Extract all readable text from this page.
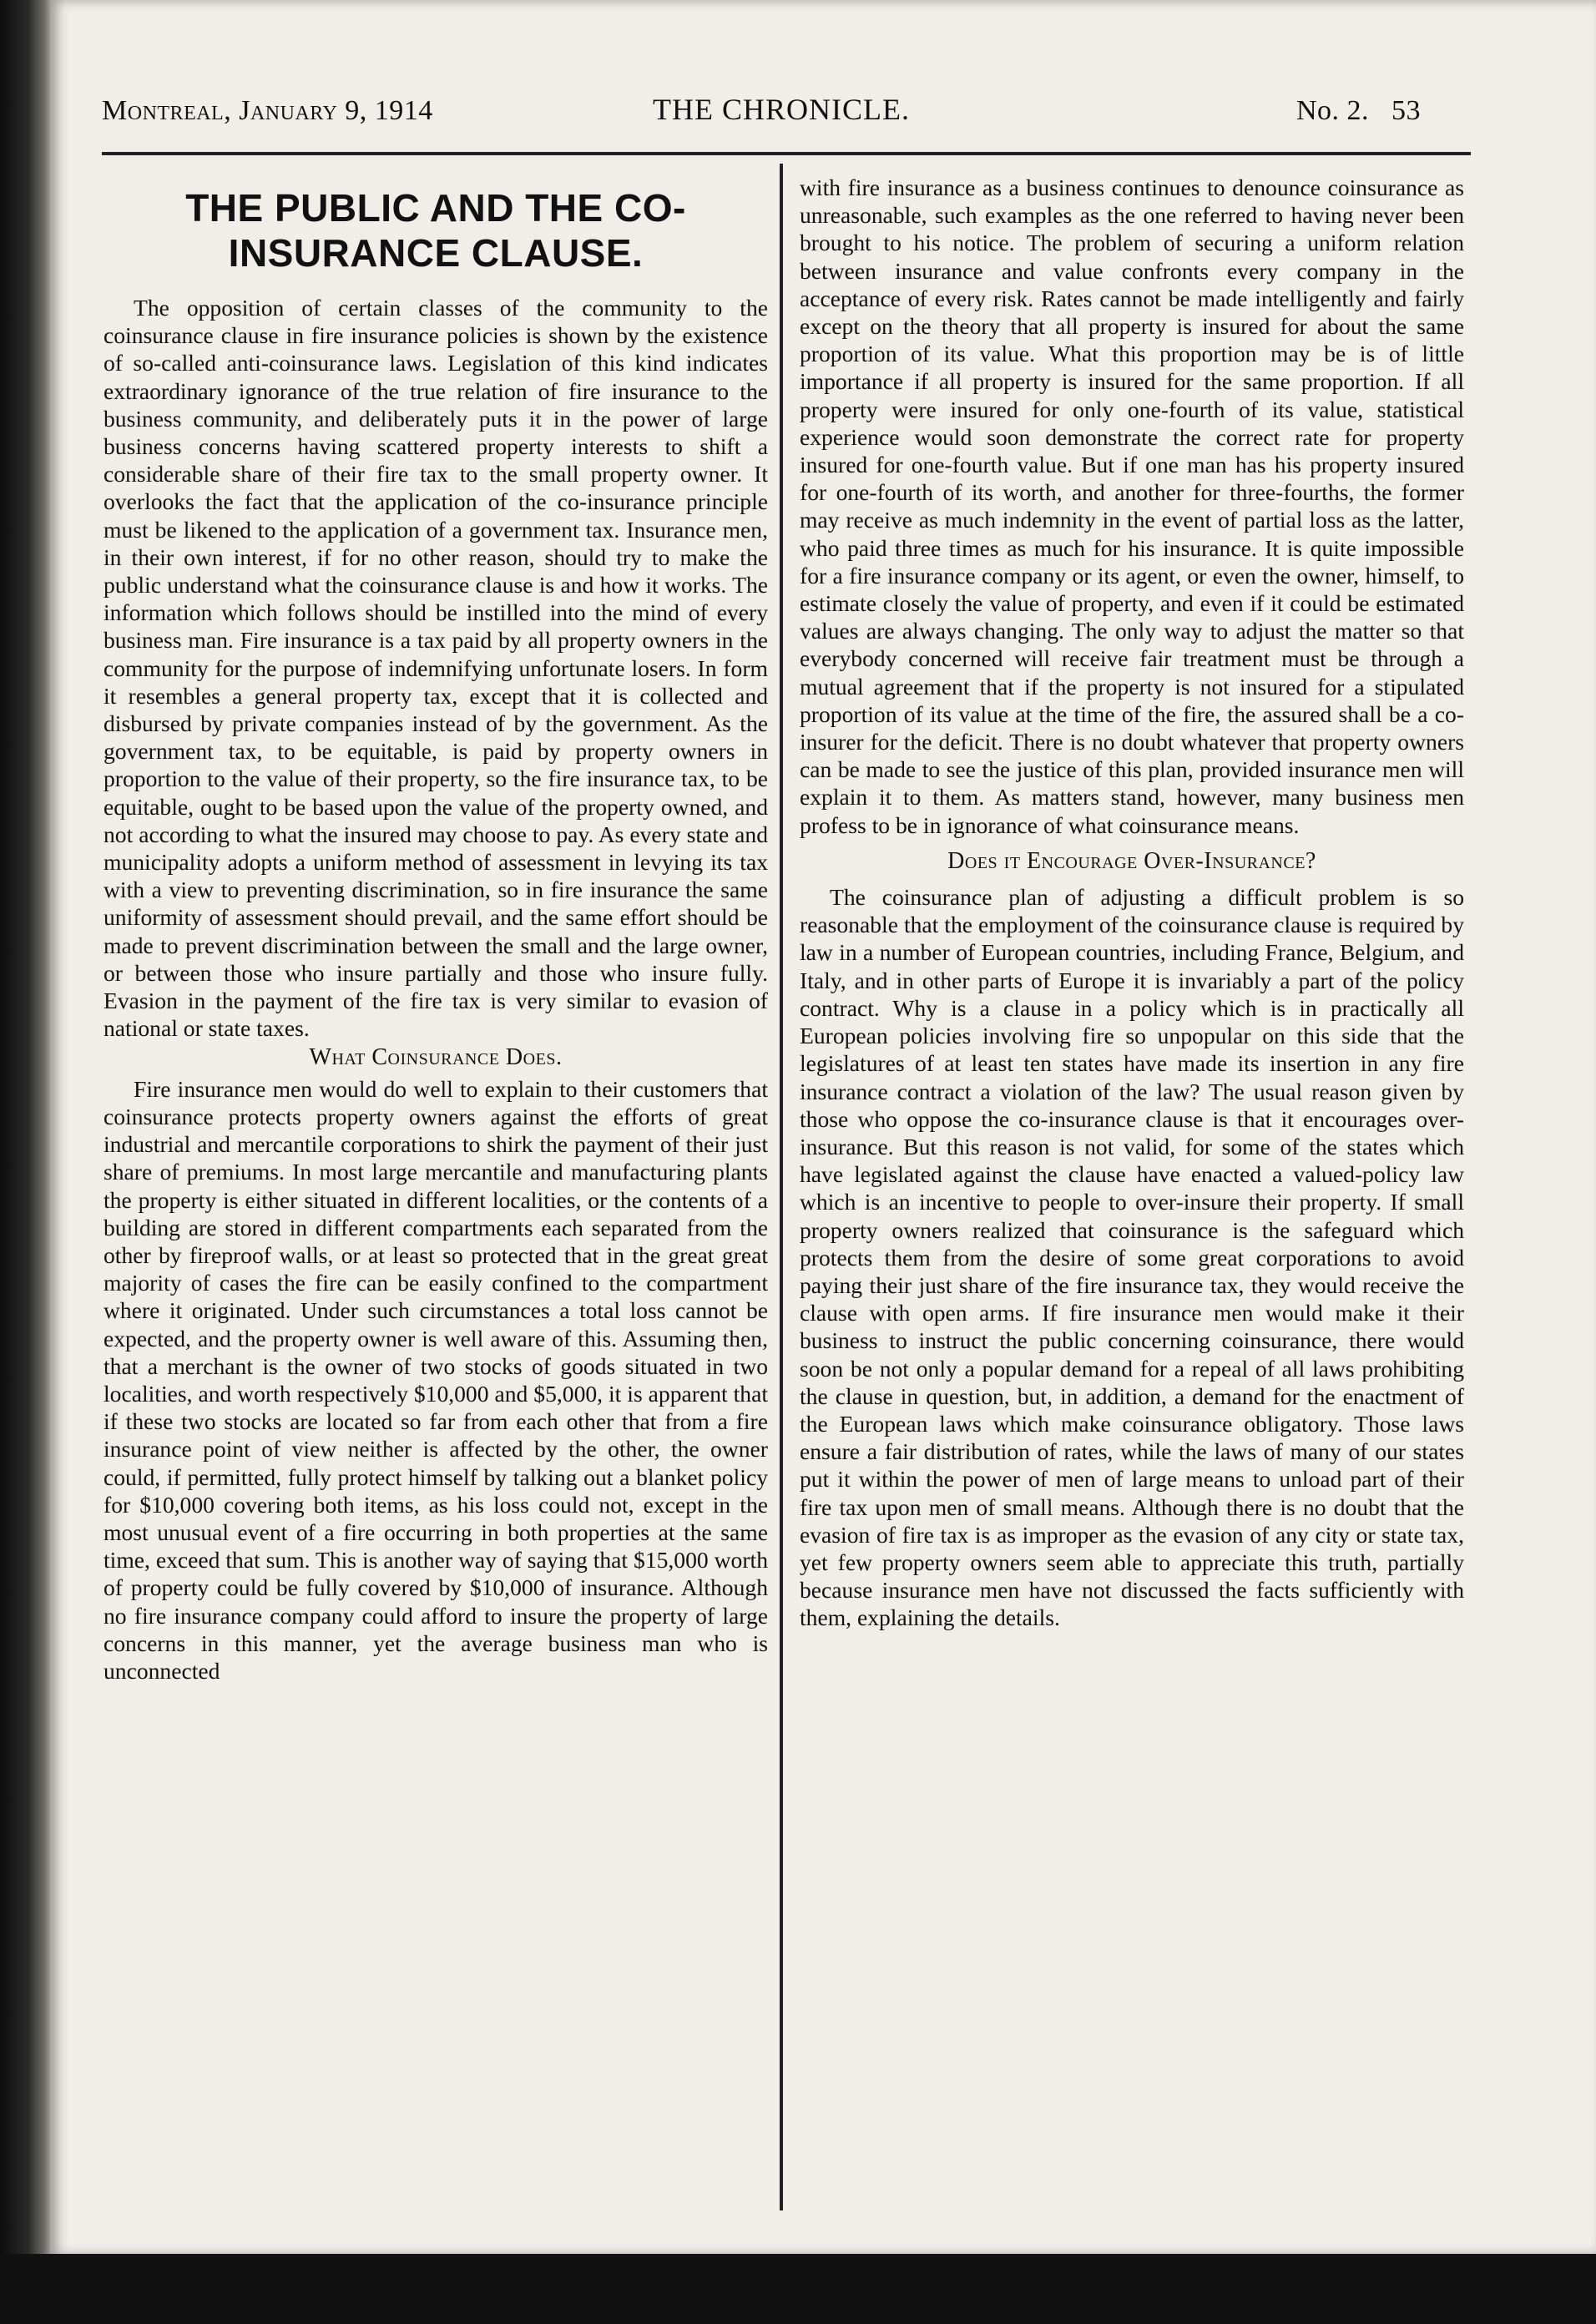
Montreal, January 9, 1914	THE CHRONICLE.	No. 2.   53
THE PUBLIC AND THE CO-INSURANCE CLAUSE.

The opposition of certain classes of the community to the coinsurance clause in fire insurance policies is shown by the existence of so-called anti-coinsurance laws. Legislation of this kind indicates extraordinary ignorance of the true relation of fire insurance to the business community, and deliberately puts it in the power of large business concerns having scattered property interests to shift a considerable share of their fire tax to the small property owner. It overlooks the fact that the application of the co-insurance principle must be likened to the application of a government tax. Insurance men, in their own interest, if for no other reason, should try to make the public understand what the coinsurance clause is and how it works. The information which follows should be instilled into the mind of every business man. Fire insurance is a tax paid by all property owners in the community for the purpose of indemnifying unfortunate losers. In form it resembles a general property tax, except that it is collected and disbursed by private companies instead of by the government. As the government tax, to be equitable, is paid by property owners in proportion to the value of their property, so the fire insurance tax, to be equitable, ought to be based upon the value of the property owned, and not according to what the insured may choose to pay. As every state and municipality adopts a uniform method of assessment in levying its tax with a view to preventing discrimination, so in fire insurance the same uniformity of assessment should prevail, and the same effort should be made to prevent discrimination between the small and the large owner, or between those who insure partially and those who insure fully. Evasion in the payment of the fire tax is very similar to evasion of national or state taxes.

What Coinsurance Does.

Fire insurance men would do well to explain to their customers that coinsurance protects property owners against the efforts of great industrial and mercantile corporations to shirk the payment of their just share of premiums. In most large mercantile and manufacturing plants the property is either situated in different localities, or the contents of a building are stored in different compartments each separated from the other by fireproof walls, or at least so protected that in the great great majority of cases the fire can be easily confined to the compartment where it originated. Under such circumstances a total loss cannot be expected, and the property owner is well aware of this. Assuming then, that a merchant is the owner of two stocks of goods situated in two localities, and worth respectively $10,000 and $5,000, it is apparent that if these two stocks are located so far from each other that from a fire insurance point of view neither is affected by the other, the owner could, if permitted, fully protect himself by talking out a blanket policy for $10,000 covering both items, as his loss could not, except in the most unusual event of a fire occurring in both properties at the same time, exceed that sum. This is another way of saying that $15,000 worth of property could be fully covered by $10,000 of insurance. Although no fire insurance company could afford to insure the property of large concerns in this manner, yet the average business man who is unconnected

with fire insurance as a business continues to denounce coinsurance as unreasonable, such examples as the one referred to having never been brought to his notice. The problem of securing a uniform relation between insurance and value confronts every company in the acceptance of every risk. Rates cannot be made intelligently and fairly except on the theory that all property is insured for about the same proportion of its value. What this proportion may be is of little importance if all property is insured for the same proportion. If all property were insured for only one-fourth of its value, statistical experience would soon demonstrate the correct rate for property insured for one-fourth value. But if one man has his property insured for one-fourth of its worth, and another for three-fourths, the former may receive as much indemnity in the event of partial loss as the latter, who paid three times as much for his insurance. It is quite impossible for a fire insurance company or its agent, or even the owner, himself, to estimate closely the value of property, and even if it could be estimated values are always changing. The only way to adjust the matter so that everybody concerned will receive fair treatment must be through a mutual agreement that if the property is not insured for a stipulated proportion of its value at the time of the fire, the assured shall be a co-insurer for the deficit. There is no doubt whatever that property owners can be made to see the justice of this plan, provided insurance men will explain it to them. As matters stand, however, many business men profess to be in ignorance of what coinsurance means.

Does it Encourage Over-Insurance?

The coinsurance plan of adjusting a difficult problem is so reasonable that the employment of the coinsurance clause is required by law in a number of European countries, including France, Belgium, and Italy, and in other parts of Europe it is invariably a part of the policy contract. Why is a clause in a policy which is in practically all European policies involving fire so unpopular on this side that the legislatures of at least ten states have made its insertion in any fire insurance contract a violation of the law? The usual reason given by those who oppose the co-insurance clause is that it encourages over-insurance. But this reason is not valid, for some of the states which have legislated against the clause have enacted a valued-policy law which is an incentive to people to over-insure their property. If small property owners realized that coinsurance is the safeguard which protects them from the desire of some great corporations to avoid paying their just share of the fire insurance tax, they would receive the clause with open arms. If fire insurance men would make it their business to instruct the public concerning coinsurance, there would soon be not only a popular demand for a repeal of all laws prohibiting the clause in question, but, in addition, a demand for the enactment of the European laws which make coinsurance obligatory. Those laws ensure a fair distribution of rates, while the laws of many of our states put it within the power of men of large means to unload part of their fire tax upon men of small means. Although there is no doubt that the evasion of fire tax is as improper as the evasion of any city or state tax, yet few property owners seem able to appreciate this truth, partially because insurance men have not discussed the facts sufficiently with them, explaining the details.
